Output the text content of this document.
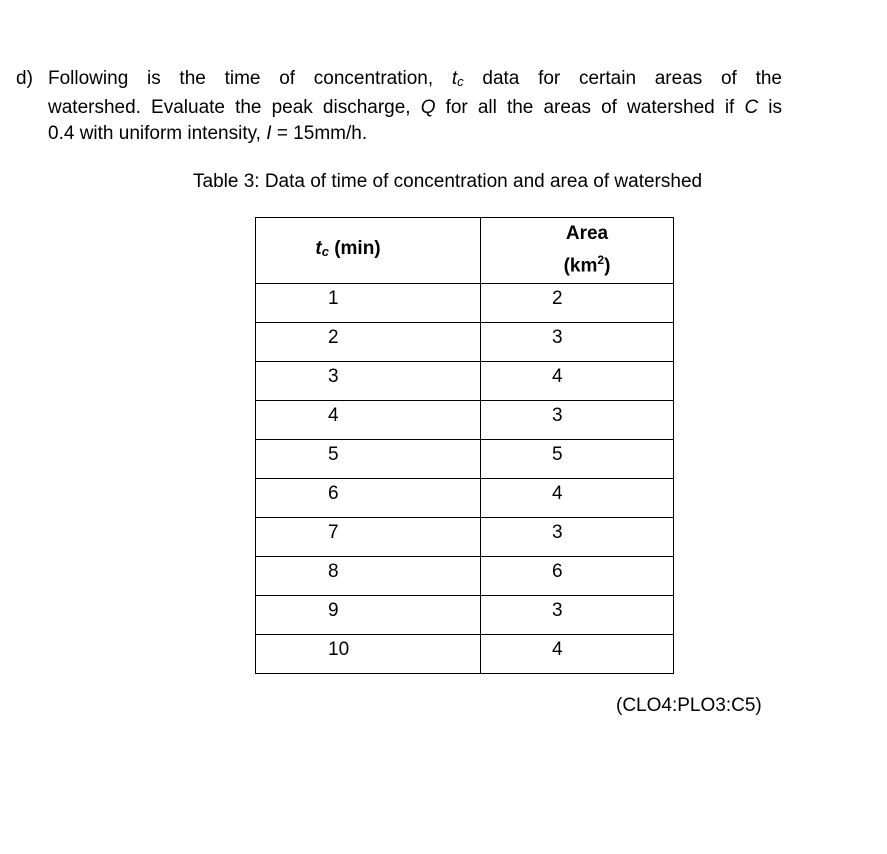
d) Following is the time of concentration, tc data for certain areas of the
watershed. Evaluate the peak discharge, Q for all the areas of watershed if C is
0.4 with uniform intensity, I = 15mm/h.
Table 3: Data of time of concentration and area of watershed
tc (min)	Area
$(km^2)$
1	2
2	3
3	4
4	3
5	5
6	4
7	3
8	6
9	3
10	4
(CLO4:PLO3:C5)
